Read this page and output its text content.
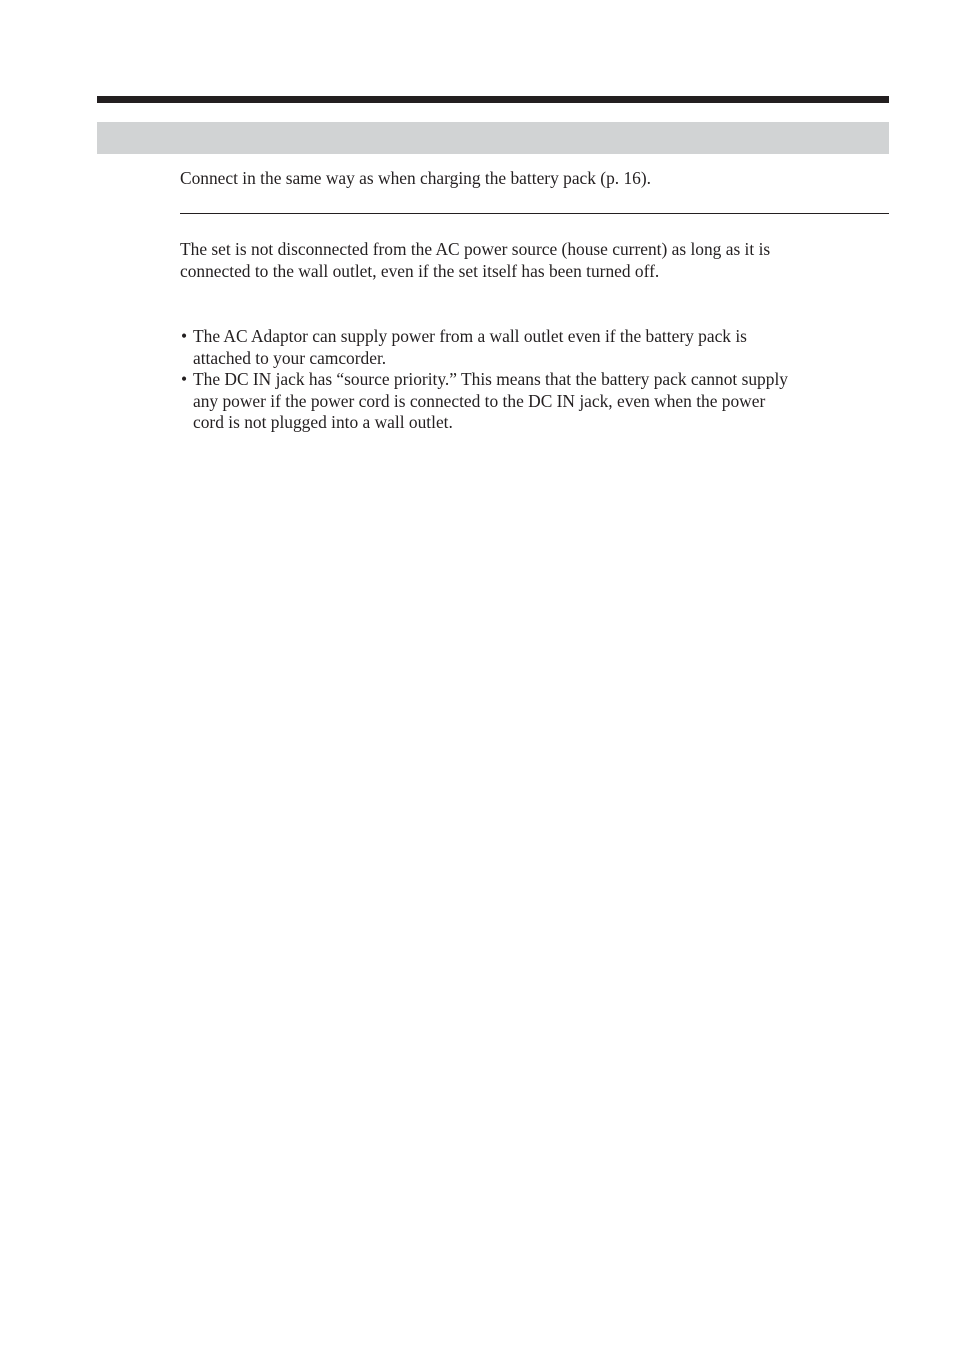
Connect in the same way as when charging the battery pack (p. 16).

The set is not disconnected from the AC power source (house current) as long as it is
connected to the wall outlet, even if the set itself has been turned off.

• The AC Adaptor can supply power from a wall outlet even if the battery pack is
attached to your camcorder.
• The DC IN jack has “source priority.” This means that the battery pack cannot supply
any power if the power cord is connected to the DC IN jack, even when the power
cord is not plugged into a wall outlet.
